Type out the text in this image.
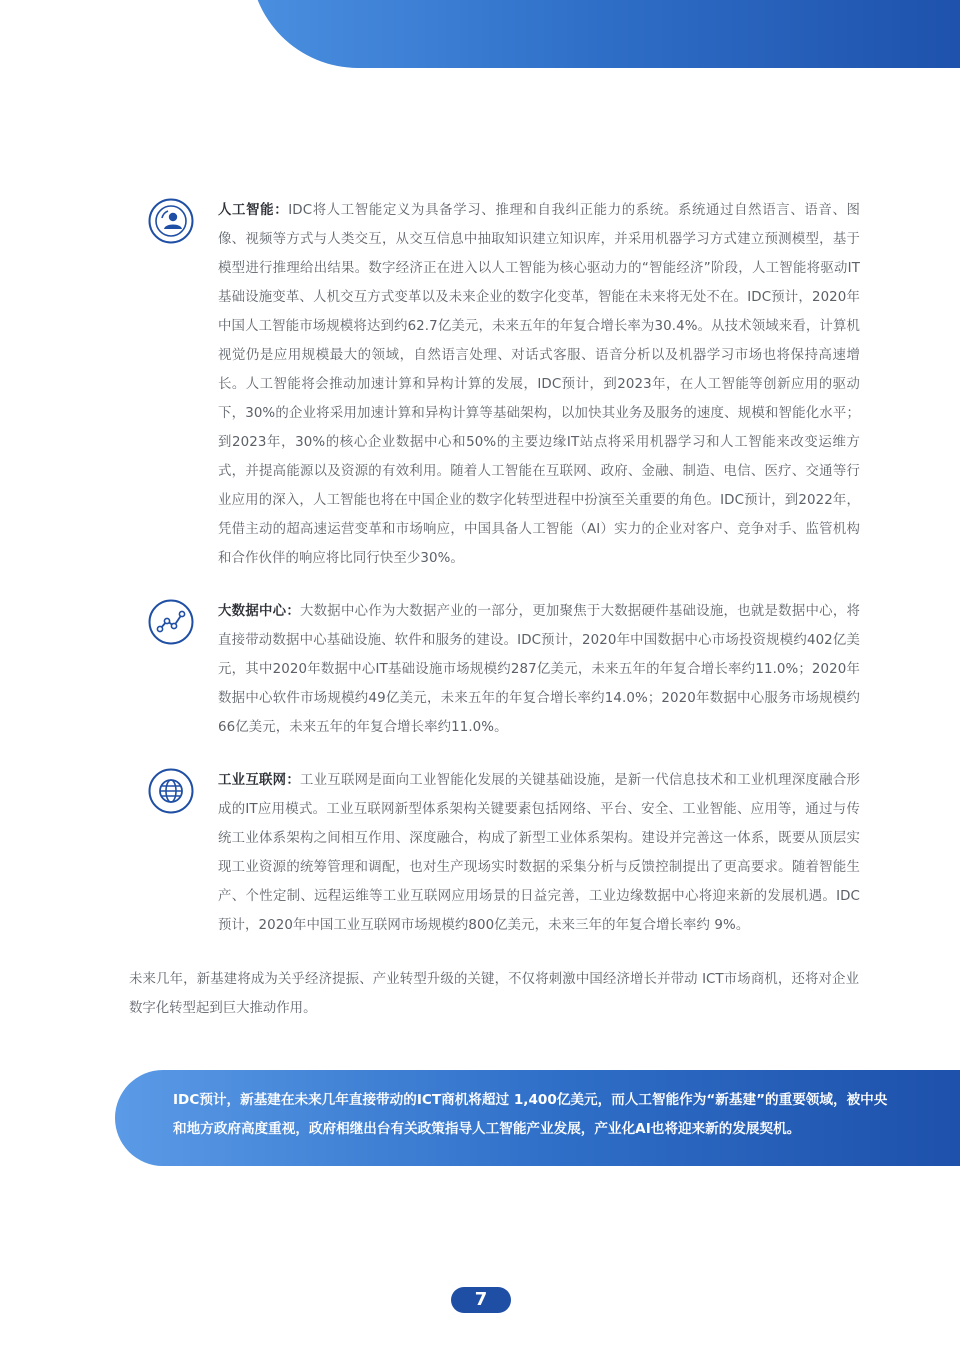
人工智能：IDC将人工智能定义为具备学习、推理和自我纠正能力的系统。系统通过自然语言、语音、图像、视频等方式与人类交互，从交互信息中抽取知识建立知识库，并采用机器学习方式建立预测模型，基于模型进行推理给出结果。数字经济正在进入以人工智能为核心驱动力的“智能经济”阶段，人工智能将驱动IT基础设施变革、人机交互方式变革以及未来企业的数字化变革，智能在未来将无处不在。IDC预计，2020年中国人工智能市场规模将达到约62.7亿美元，未来五年的年复合增长率为30.4%。从技术领域来看，计算机视觉仍是应用规模最大的领域，自然语言处理、对话式客服、语音分析以及机器学习市场也将保持高速增长。人工智能将会推动加速计算和异构计算的发展，IDC预计，到2023年，在人工智能等创新应用的驱动下，30%的企业将采用加速计算和异构计算等基础架构，以加快其业务及服务的速度、规模和智能化水平；到2023年，30%的核心企业数据中心和50%的主要边缘IT站点将采用机器学习和人工智能来改变运维方式，并提高能源以及资源的有效利用。随着人工智能在互联网、政府、金融、制造、电信、医疗、交通等行业应用的深入，人工智能也将在中国企业的数字化转型进程中扮演至关重要的角色。IDC预计，到2022年，凭借主动的超高速运营变革和市场响应，中国具备人工智能（AI）实力的企业对客户、竞争对手、监管机构和合作伙伴的响应将比同行快至少30%。
大数据中心：大数据中心作为大数据产业的一部分，更加聚焦于大数据硬件基础设施，也就是数据中心，将直接带动数据中心基础设施、软件和服务的建设。IDC预计，2020年中国数据中心市场投资规模约402亿美元，其中2020年数据中心IT基础设施市场规模约287亿美元，未来五年的年复合增长率约11.0%；2020年数据中心软件市场规模约49亿美元，未来五年的年复合增长率约14.0%；2020年数据中心服务市场规模约66亿美元，未来五年的年复合增长率约11.0%。
工业互联网：工业互联网是面向工业智能化发展的关键基础设施，是新一代信息技术和工业机理深度融合形成的IT应用模式。工业互联网新型体系架构关键要素包括网络、平台、安全、工业智能、应用等，通过与传统工业体系架构之间相互作用、深度融合，构成了新型工业体系架构。建设并完善这一体系，既要从顶层实现工业资源的统筹管理和调配，也对生产现场实时数据的采集分析与反馈控制提出了更高要求。随着智能生产、个性定制、远程运维等工业互联网应用场景的日益完善，工业边缘数据中心将迎来新的发展机遇。IDC预计，2020年中国工业互联网市场规模约800亿美元，未来三年的年复合增长率约 9%。
未来几年，新基建将成为关乎经济提振、产业转型升级的关键，不仅将刺激中国经济增长并带动 ICT市场商机，还将对企业数字化转型起到巨大推动作用。
IDC预计，新基建在未来几年直接带动的ICT商机将超过 1,400亿美元，而人工智能作为“新基建”的重要领域，被中央和地方政府高度重视，政府相继出台有关政策指导人工智能产业发展，产业化AI也将迎来新的发展契机。
7
